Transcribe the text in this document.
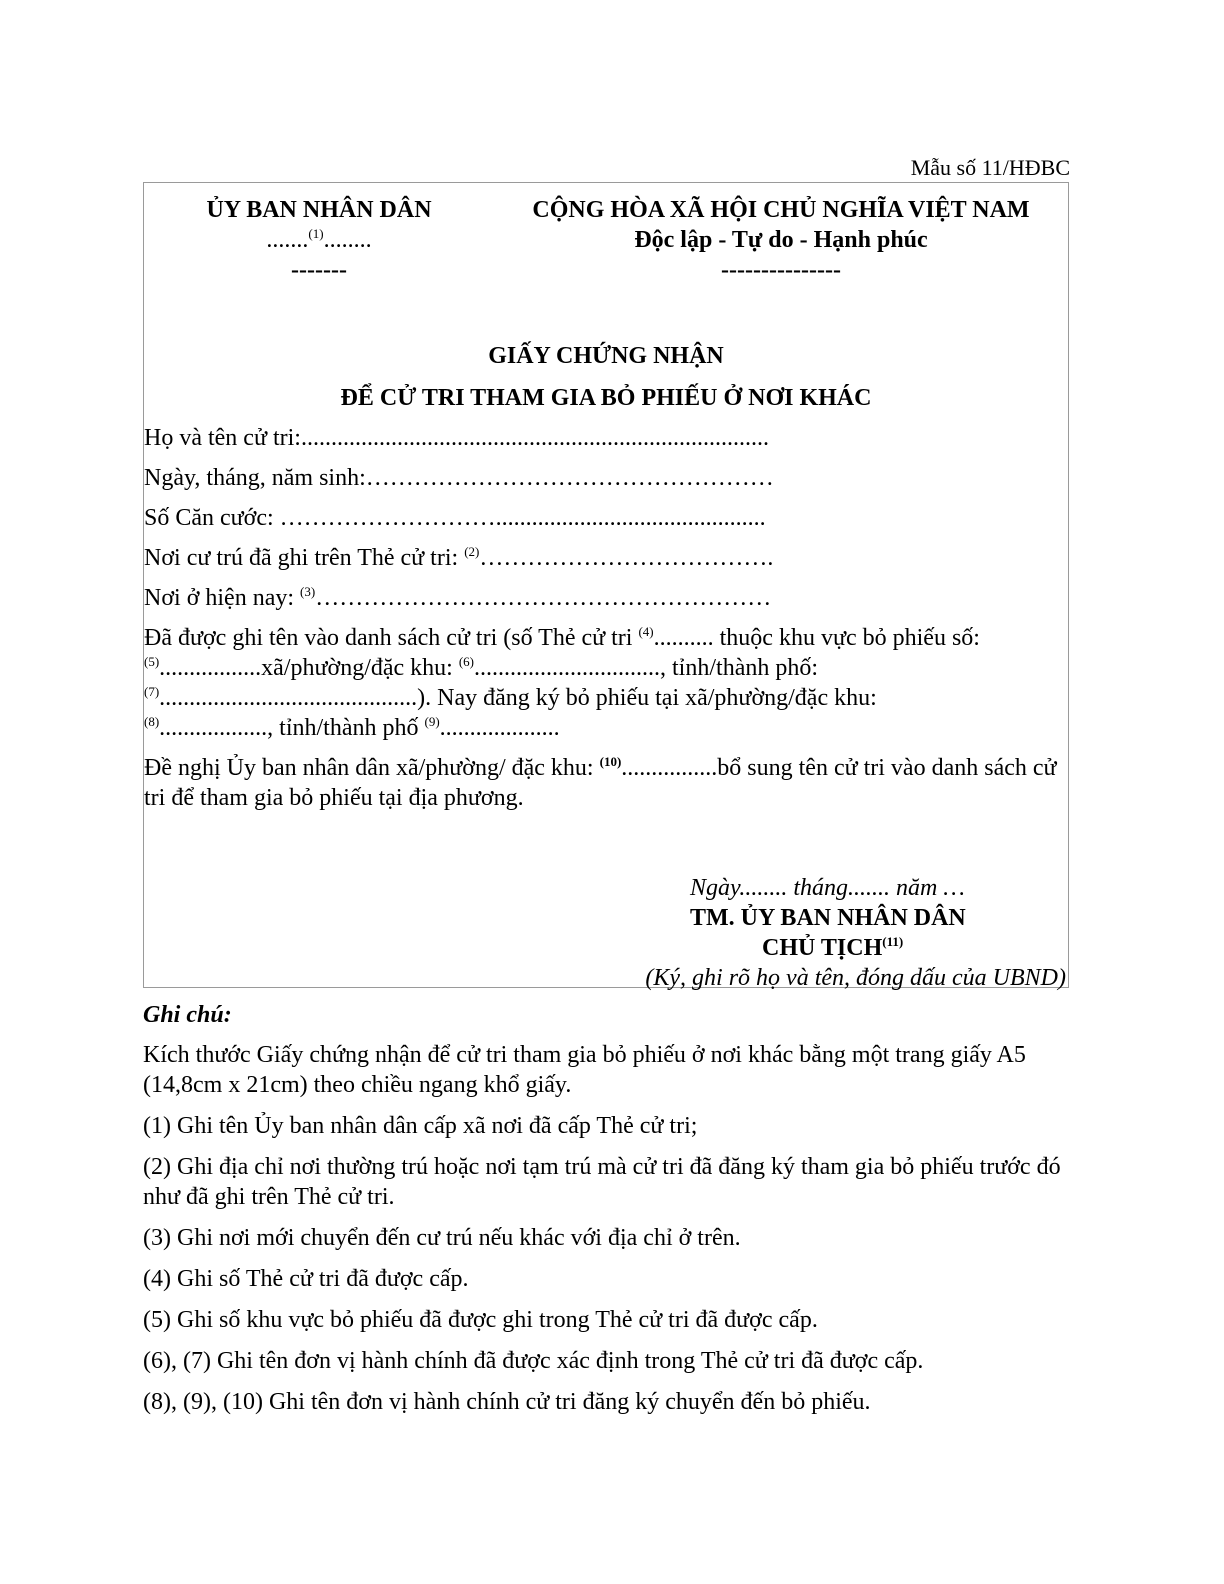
Mẫu số 11/HĐBC
ỦY BAN NHÂN DÂN
.......$^{(1)}$........
-------
CỘNG HÒA XÃ HỘI CHỦ NGHĨA VIỆT NAM
Độc lập - Tự do - Hạnh phúc
---------------
GIẤY CHỨNG NHẬN
ĐỂ CỬ TRI THAM GIA BỎ PHIẾU Ở NƠI KHÁC

Họ và tên cử tri:..............................................................................

Ngày, tháng, năm sinh:……………………………………………

Số Căn cước: ……………………….............................................

Nơi cư trú đã ghi trên Thẻ cử tri: $^{(2)}$……………………………….

Nơi ở hiện nay: $^{(3)}$…………………………………………………

Đã được ghi tên vào danh sách cử tri (số Thẻ cử tri $^{(4)}$.......... thuộc khu vực bỏ phiếu số:
$^{(5)}$.................xã/phường/đặc khu: $^{(6)}$..............................., tỉnh/thành phố:
$^{(7)}$...........................................). Nay đăng ký bỏ phiếu tại xã/phường/đặc khu:
$^{(8)}$.................., tỉnh/thành phố $^{(9)}$....................

Đề nghị Ủy ban nhân dân xã/phường/ đặc khu: $^{(10)}$................bổ sung tên cử tri vào danh sách cử tri để tham gia bỏ phiếu tại địa phương.

Ngày........ tháng....... năm …
TM. ỦY BAN NHÂN DÂN
CHỦ TỊCH$^{(11)}$
(Ký, ghi rõ họ và tên, đóng dấu của UBND)
Ghi chú:

Kích thước Giấy chứng nhận để cử tri tham gia bỏ phiếu ở nơi khác bằng một trang giấy A5 (14,8cm x 21cm) theo chiều ngang khổ giấy.

(1) Ghi tên Ủy ban nhân dân cấp xã nơi đã cấp Thẻ cử tri;

(2) Ghi địa chỉ nơi thường trú hoặc nơi tạm trú mà cử tri đã đăng ký tham gia bỏ phiếu trước đó như đã ghi trên Thẻ cử tri.

(3) Ghi nơi mới chuyển đến cư trú nếu khác với địa chỉ ở trên.

(4) Ghi số Thẻ cử tri đã được cấp.

(5) Ghi số khu vực bỏ phiếu đã được ghi trong Thẻ cử tri đã được cấp.

(6), (7) Ghi tên đơn vị hành chính đã được xác định trong Thẻ cử tri đã được cấp.

(8), (9), (10) Ghi tên đơn vị hành chính cử tri đăng ký chuyển đến bỏ phiếu.
